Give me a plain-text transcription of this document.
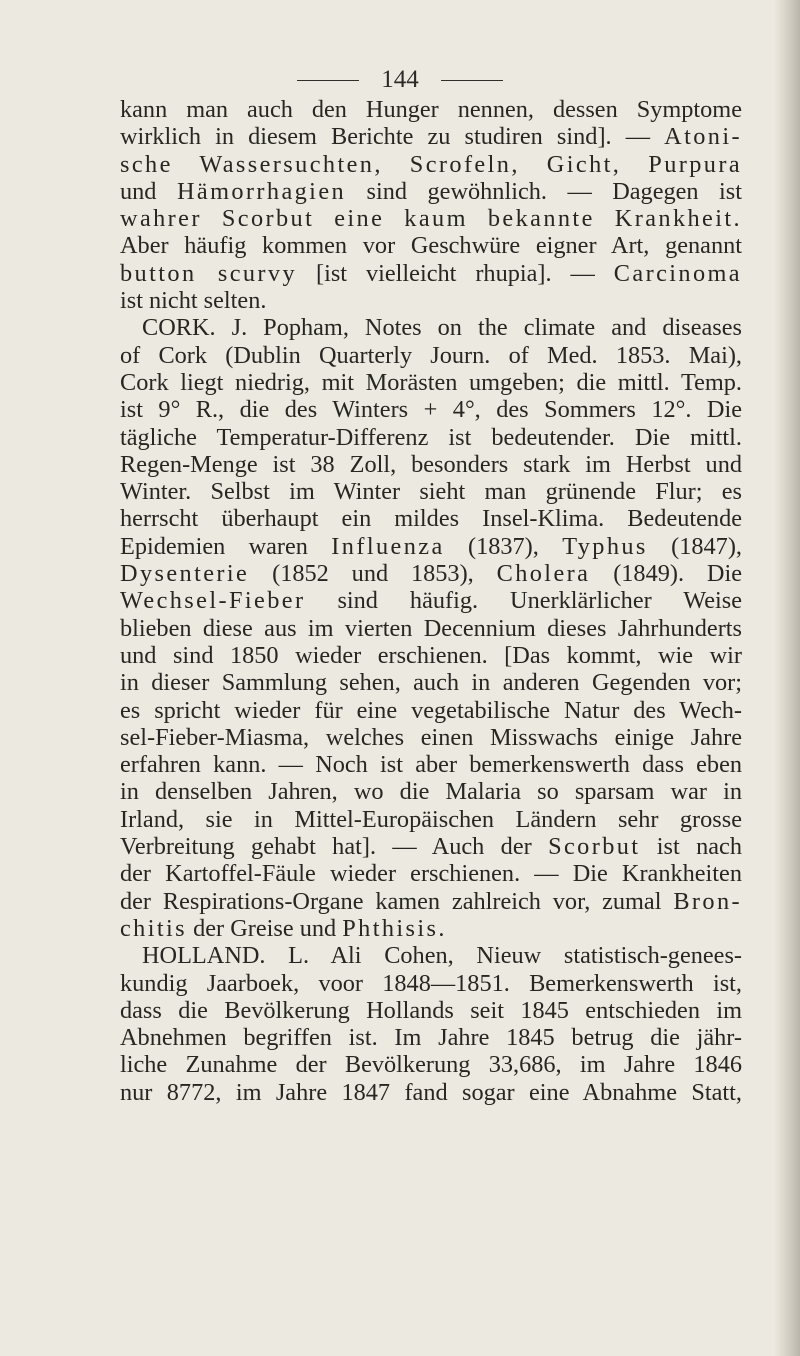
144
kann man auch den Hunger nennen, dessen Symptome
wirklich in diesem Berichte zu studiren sind]. — Atoni-
sche Wassersuchten, Scrofeln, Gicht, Purpura
und Hämorrhagien sind gewöhnlich. — Dagegen ist
wahrer Scorbut eine kaum bekannte Krankheit.
Aber häufig kommen vor Geschwüre eigner Art, genannt
button scurvy [ist vielleicht rhupia]. — Carcinoma
ist nicht selten.
CORK. J. Popham, Notes on the climate and diseases
of Cork (Dublin Quarterly Journ. of Med. 1853. Mai),
Cork liegt niedrig, mit Morästen umgeben; die mittl. Temp.
ist 9° R., die des Winters + 4°, des Sommers 12°. Die
tägliche Temperatur-Differenz ist bedeutender. Die mittl.
Regen-Menge ist 38 Zoll, besonders stark im Herbst und
Winter. Selbst im Winter sieht man grünende Flur; es
herrscht überhaupt ein mildes Insel-Klima. Bedeutende
Epidemien waren Influenza (1837), Typhus (1847),
Dysenterie (1852 und 1853), Cholera (1849). Die
Wechsel-Fieber sind häufig. Unerklärlicher Weise
blieben diese aus im vierten Decennium dieses Jahrhunderts
und sind 1850 wieder erschienen. [Das kommt, wie wir
in dieser Sammlung sehen, auch in anderen Gegenden vor;
es spricht wieder für eine vegetabilische Natur des Wech-
sel-Fieber-Miasma, welches einen Misswachs einige Jahre
erfahren kann. — Noch ist aber bemerkenswerth dass eben
in denselben Jahren, wo die Malaria so sparsam war in
Irland, sie in Mittel-Europäischen Ländern sehr grosse
Verbreitung gehabt hat]. — Auch der Scorbut ist nach
der Kartoffel-Fäule wieder erschienen. — Die Krankheiten
der Respirations-Organe kamen zahlreich vor, zumal Bron-
chitis der Greise und Phthisis.
HOLLAND. L. Ali Cohen, Nieuw statistisch-genees-
kundig Jaarboek, voor 1848—1851. Bemerkenswerth ist,
dass die Bevölkerung Hollands seit 1845 entschieden im
Abnehmen begriffen ist. Im Jahre 1845 betrug die jähr-
liche Zunahme der Bevölkerung 33,686, im Jahre 1846
nur 8772, im Jahre 1847 fand sogar eine Abnahme Statt,
